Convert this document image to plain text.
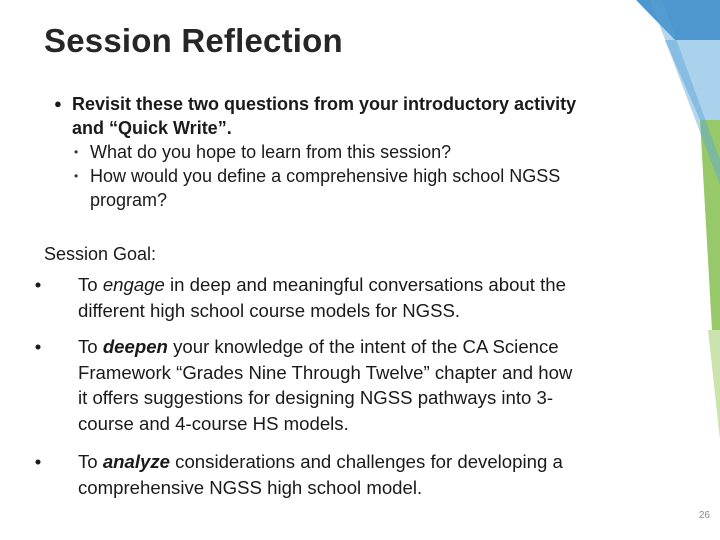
Session Reflection
● Revisit these two questions from your introductory activity
and “Quick Write”.
• What do you hope to learn from this session?
• How would you define a comprehensive high school NGSS
program?
Session Goal:
• To engage in deep and meaningful conversations about the
different high school course models for NGSS.
• To deepen your knowledge of the intent of the CA Science
Framework “Grades Nine Through Twelve” chapter and how
it offers suggestions for designing NGSS pathways into 3-
course and 4-course HS models.
• To analyze considerations and challenges for developing a
comprehensive NGSS high school model.
26
